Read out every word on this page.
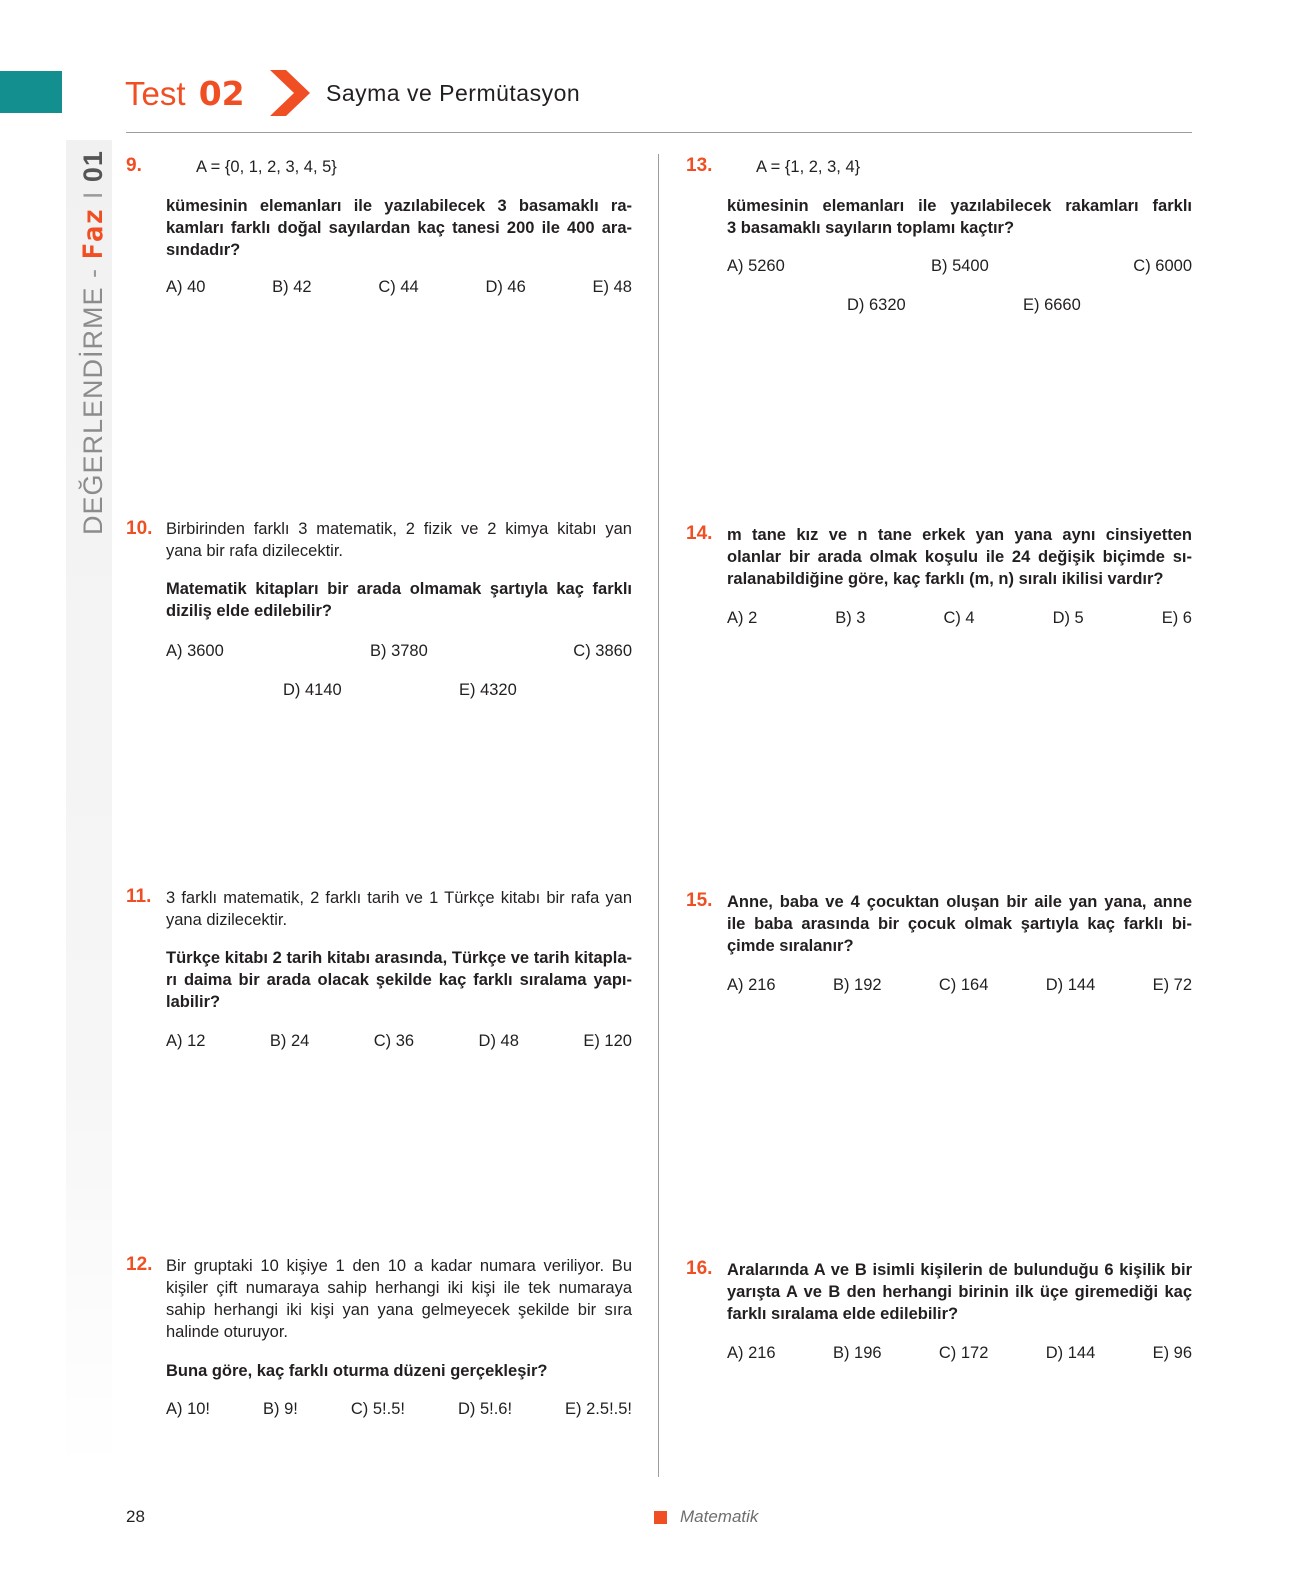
DEĞERLENDİRME - Faz I 01
Test 02	Sayma ve Permütasyon
9.	A = {0, 1, 2, 3, 4, 5}
kümesinin elemanları ile yazılabilecek 3 basamaklı ra-
kamları farklı doğal sayılardan kaç tanesi 200 ile 400 ara-
sındadır?
A) 40	B) 42	C) 44	D) 46	E) 48
10. Birbirinden farklı 3 matematik, 2 fizik ve 2 kimya kitabı yan
yana bir rafa dizilecektir.
Matematik kitapları bir arada olmamak şartıyla kaç farklı
diziliş elde edilebilir?
A) 3600	B) 3780	C) 3860
D) 4140	E) 4320
11. 3 farklı matematik, 2 farklı tarih ve 1 Türkçe kitabı bir rafa yan
yana dizilecektir.
Türkçe kitabı 2 tarih kitabı arasında, Türkçe ve tarih kitapla-
rı daima bir arada olacak şekilde kaç farklı sıralama yapı-
labilir?
A) 12	B) 24	C) 36	D) 48	E) 120
12. Bir gruptaki 10 kişiye 1 den 10 a kadar numara veriliyor. Bu
kişiler çift numaraya sahip herhangi iki kişi ile tek numaraya
sahip herhangi iki kişi yan yana gelmeyecek şekilde bir sıra
halinde oturuyor.
Buna göre, kaç farklı oturma düzeni gerçekleşir?
A) 10!	B) 9!	C) 5!.5!	D) 5!.6!	E) 2.5!.5!
13.	A = {1, 2, 3, 4}
kümesinin elemanları ile yazılabilecek rakamları farklı
3 basamaklı sayıların toplamı kaçtır?
A) 5260	B) 5400	C) 6000
D) 6320	E) 6660
14. m tane kız ve n tane erkek yan yana aynı cinsiyetten
olanlar bir arada olmak koşulu ile 24 değişik biçimde sı-
ralanabildiğine göre, kaç farklı (m, n) sıralı ikilisi vardır?
A) 2	B) 3	C) 4	D) 5	E) 6
15. Anne, baba ve 4 çocuktan oluşan bir aile yan yana, anne
ile baba arasında bir çocuk olmak şartıyla kaç farklı bi-
çimde sıralanır?
A) 216	B) 192	C) 164	D) 144	E) 72
16. Aralarında A ve B isimli kişilerin de bulunduğu 6 kişilik bir
yarışta A ve B den herhangi birinin ilk üçe giremediği kaç
farklı sıralama elde edilebilir?
A) 216	B) 196	C) 172	D) 144	E) 96
28	Matematik
